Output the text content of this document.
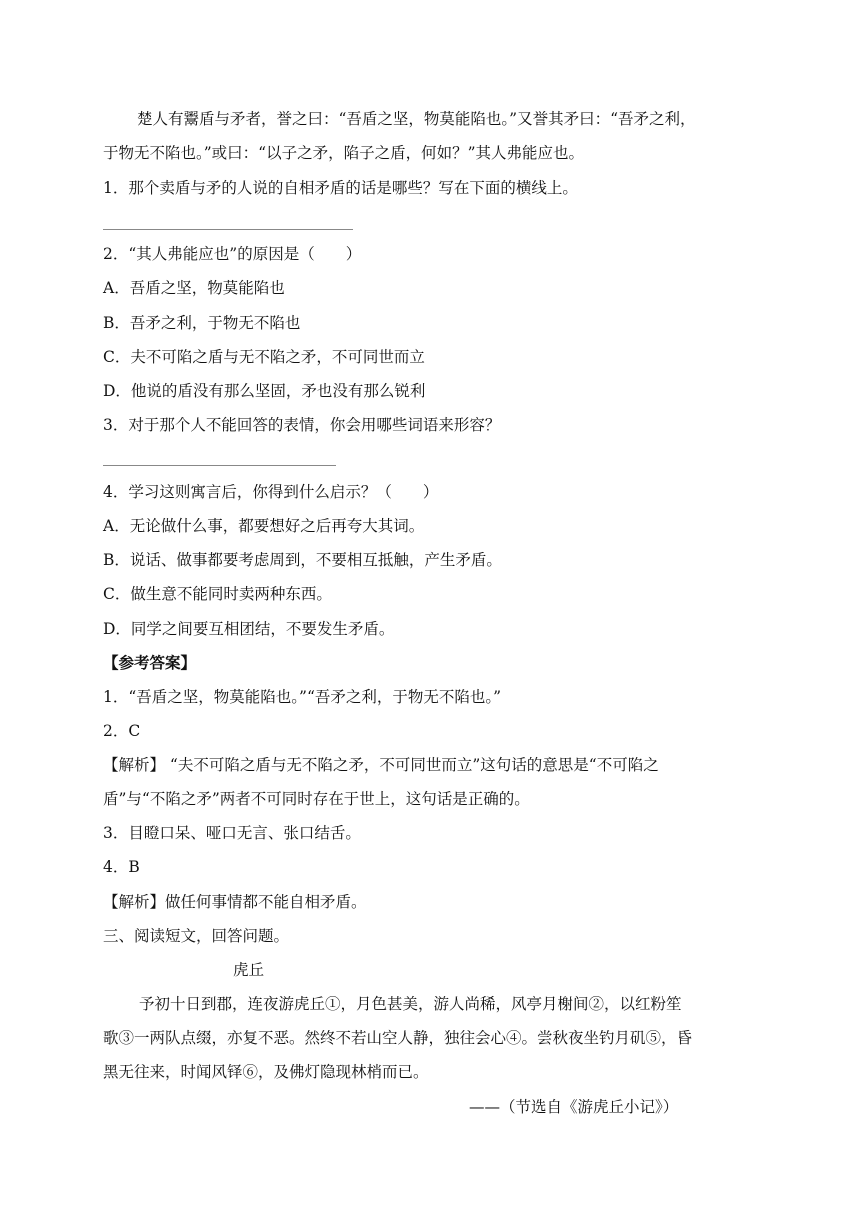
楚人有鬻盾与矛者，誉之曰：“吾盾之坚，物莫能陷也。”又誉其矛曰：“吾矛之利，
于物无不陷也。”或曰：“以子之矛，陷子之盾，何如？”其人弗能应也。
1．那个卖盾与矛的人说的自相矛盾的话是哪些？写在下面的横线上。
2．“其人弗能应也”的原因是（　　）
A．吾盾之坚，物莫能陷也
B．吾矛之利，于物无不陷也
C．夫不可陷之盾与无不陷之矛，不可同世而立
D．他说的盾没有那么坚固，矛也没有那么锐利
3．对于那个人不能回答的表情，你会用哪些词语来形容？
4．学习这则寓言后，你得到什么启示？（　　）
A．无论做什么事，都要想好之后再夸大其词。
B．说话、做事都要考虑周到，不要相互抵触，产生矛盾。
C．做生意不能同时卖两种东西。
D．同学之间要互相团结，不要发生矛盾。
【参考答案】
1．“吾盾之坚，物莫能陷也。”“吾矛之利，于物无不陷也。”
2．C
【解析】 “夫不可陷之盾与无不陷之矛，不可同世而立”这句话的意思是“不可陷之
盾”与“不陷之矛”两者不可同时存在于世上，这句话是正确的。
3．目瞪口呆、哑口无言、张口结舌。
4．B
【解析】做任何事情都不能自相矛盾。
三、阅读短文，回答问题。
虎丘
予初十日到郡，连夜游虎丘①，月色甚美，游人尚稀，风亭月榭间②，以红粉笙
歌③一两队点缀，亦复不恶。然终不若山空人静，独往会心④。尝秋夜坐钓月矶⑤，昏
黑无往来，时闻风铎⑥，及佛灯隐现林梢而已。
——（节选自《游虎丘小记》）
